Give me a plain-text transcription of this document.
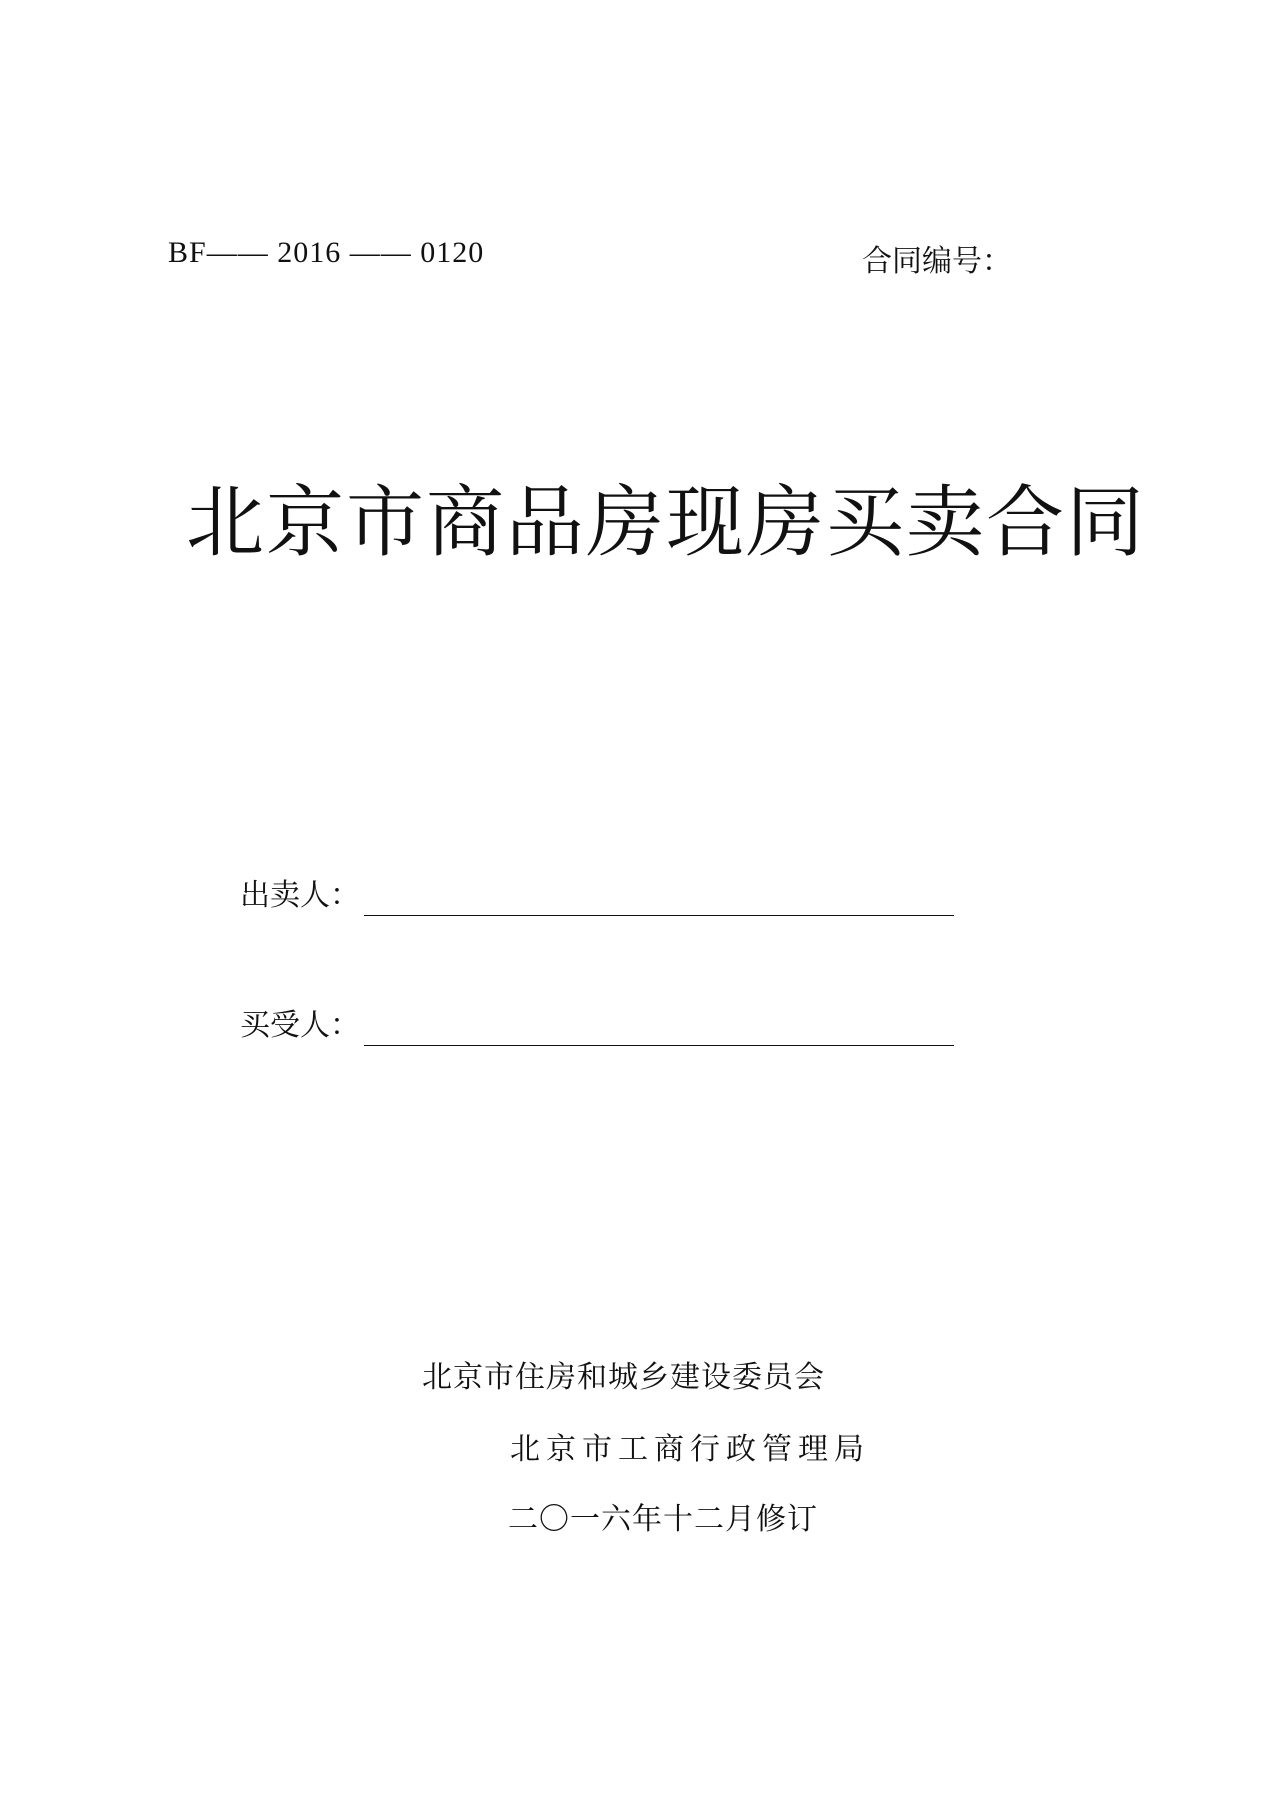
BF—— 2016 —— 0120	合同编号：
北京市商品房现房买卖合同
出卖人：
买受人：
北京市住房和城乡建设委员会
北京市工商行政管理局
二〇一六年十二月修订
